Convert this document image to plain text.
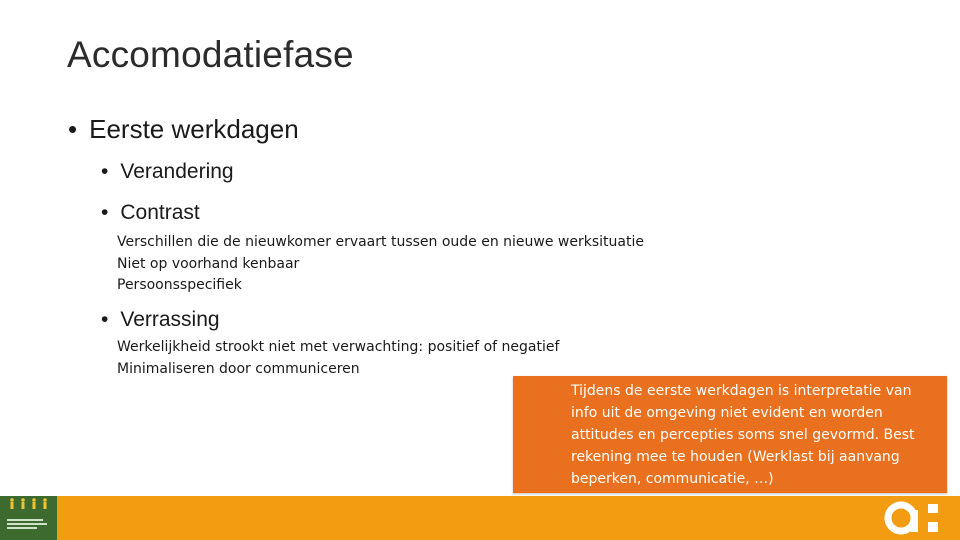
Accomodatiefase
• Eerste werkdagen
• Verandering
• Contrast
Verschillen die de nieuwkomer ervaart tussen oude en nieuwe werksituatie
Niet op voorhand kenbaar
Persoonsspecifiek
• Verrassing
Werkelijkheid strookt niet met verwachting: positief of negatief
Minimaliseren door communiceren
Tijdens de eerste werkdagen is interpretatie van info uit de omgeving niet evident en worden attitudes en percepties soms snel gevormd. Best rekening mee te houden (Werklast bij aanvang beperken, communicatie, …)
